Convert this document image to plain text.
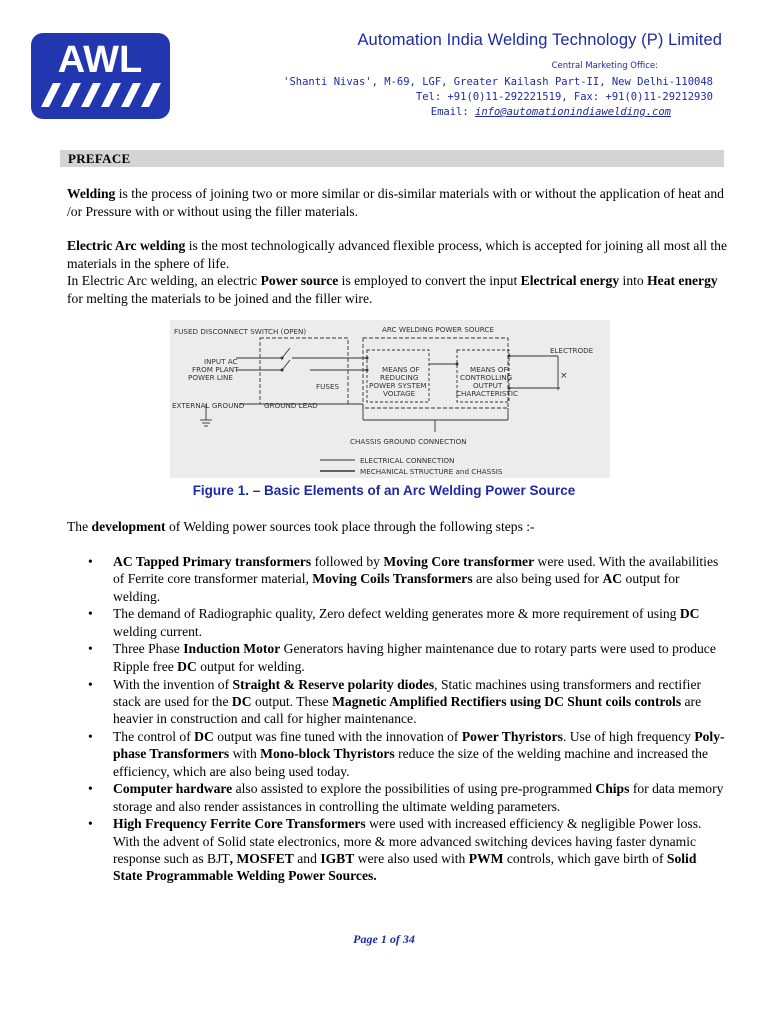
AWL	Automation India Welding Technology (P) Limited
Central Marketing Office:
'Shanti Nivas', M-69, LGF, Greater Kailash Part-II, New Delhi-110048
Tel: +91(0)11-292221519, Fax: +91(0)11-29212930
Email: info@automationindiawelding.com
PREFACE
Welding is the process of joining two or more similar or dis-similar materials with or without the application of heat and /or Pressure with or without using the filler materials.
Electric Arc welding is the most technologically advanced flexible process, which is accepted for joining all most all the materials in the sphere of life.
In Electric Arc welding, an electric Power source is employed to convert the input Electrical energy into Heat energy for melting the materials to be joined and the filler wire.
FUSED DISCONNECT SWITCH (OPEN)	ARC WELDING POWER SOURCE
ELECTRODE
×
INPUT AC
FROM PLANT
POWER LINE
FUSES
MEANS OF
REDUCING
POWER SYSTEM
VOLTAGE
MEANS OF
CONTROLLING
OUTPUT
CHARACTERISTIC
EXTERNAL GROUND	GROUND LEAD
CHASSIS GROUND CONNECTION
ELECTRICAL CONNECTION
MECHANICAL STRUCTURE and CHASSIS
Figure 1. – Basic Elements of an Arc Welding Power Source
The development of Welding power sources took place through the following steps :-
• AC Tapped Primary transformers followed by Moving Core transformer were used. With the availabilities of Ferrite core transformer material, Moving Coils Transformers are also being used for AC output for welding.
• The demand of Radiographic quality, Zero defect welding generates more & more requirement of using DC welding current.
• Three Phase Induction Motor Generators having higher maintenance due to rotary parts were used to produce Ripple free DC output for welding.
• With the invention of Straight & Reserve polarity diodes, Static machines using transformers and rectifier stack are used for the DC output. These Magnetic Amplified Rectifiers using DC Shunt coils controls are heavier in construction and call for higher maintenance.
• The control of DC output was fine tuned with the innovation of Power Thyristors. Use of high frequency Poly-phase Transformers with Mono-block Thyristors reduce the size of the welding machine and increased the efficiency, which are also being used today.
• Computer hardware also assisted to explore the possibilities of using pre-programmed Chips for data memory storage and also render assistances in controlling the ultimate welding parameters.
• High Frequency Ferrite Core Transformers were used with increased efficiency & negligible Power loss. With the advent of Solid state electronics, more & more advanced switching devices having faster dynamic response such as BJT, MOSFET and IGBT were also used with PWM controls, which gave birth of Solid State Programmable Welding Power Sources.
Page 1 of 34
